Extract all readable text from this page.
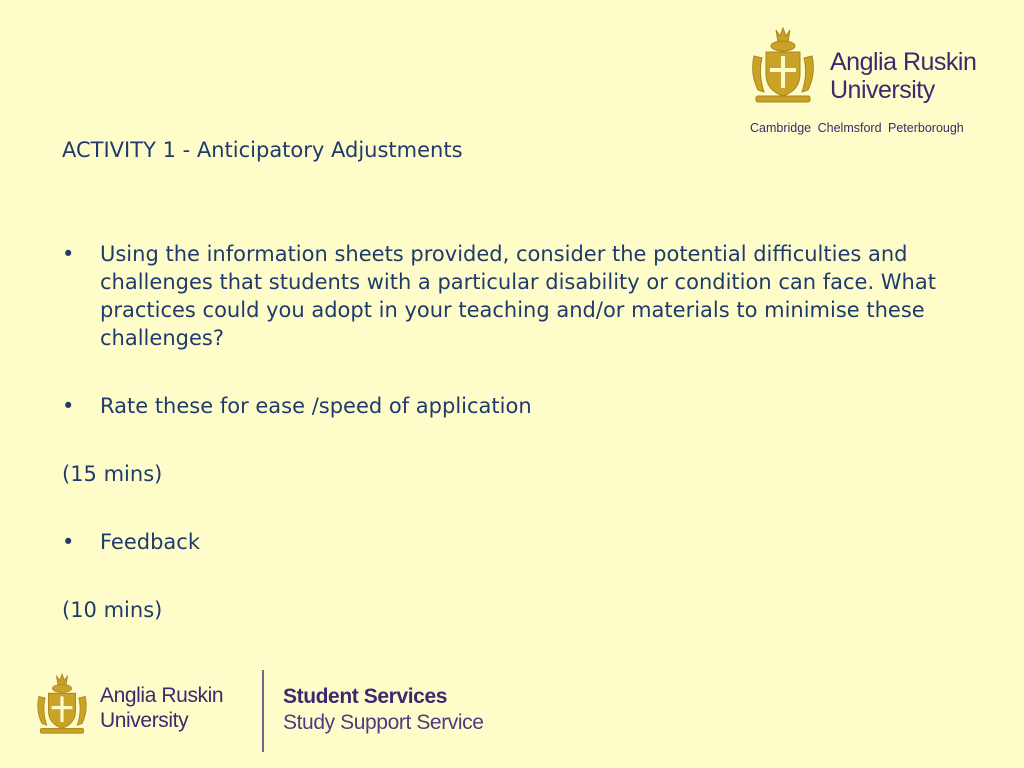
Anglia Ruskin
University
Cambridge Chelmsford Peterborough
ACTIVITY 1 - Anticipatory Adjustments

• Using the information sheets provided, consider the potential difficulties and challenges that students with a particular disability or condition can face. What practices could you adopt in your teaching and/or materials to minimise these challenges?

• Rate these for ease /speed of application

(15 mins)

• Feedback

(10 mins)

Anglia Ruskin
University
Student Services
Study Support Service
